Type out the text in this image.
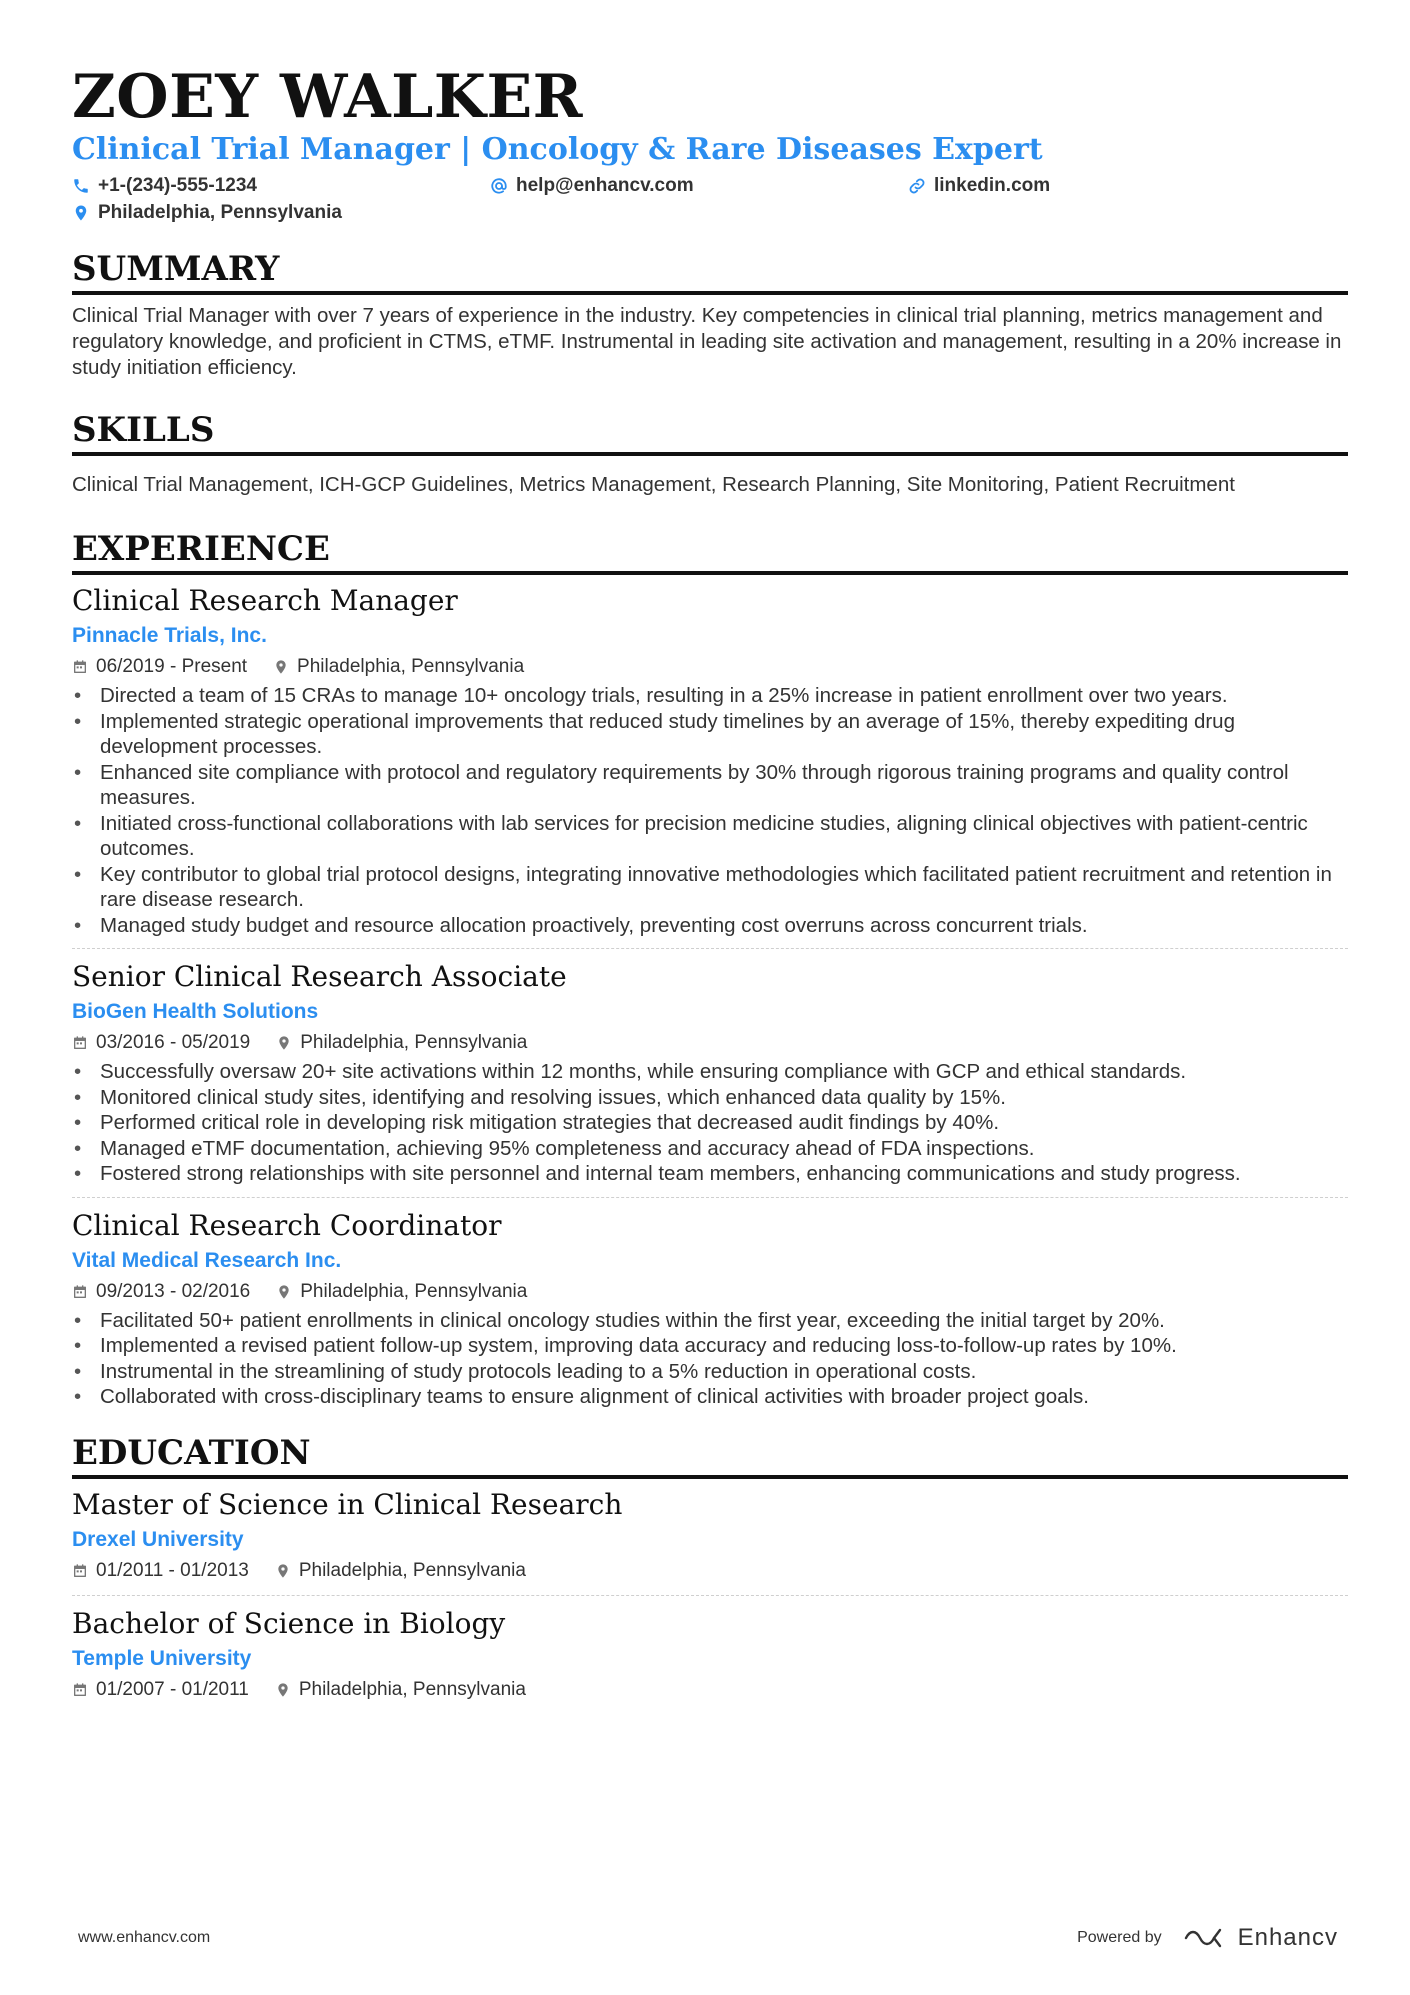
ZOEY WALKER
Clinical Trial Manager | Oncology & Rare Diseases Expert
+1-(234)-555-1234	help@enhancv.com	linkedin.com
Philadelphia, Pennsylvania
SUMMARY
Clinical Trial Manager with over 7 years of experience in the industry. Key competencies in clinical trial planning, metrics management and regulatory knowledge, and proficient in CTMS, eTMF. Instrumental in leading site activation and management, resulting in a 20% increase in study initiation efficiency.
SKILLS
Clinical Trial Management, ICH-GCP Guidelines, Metrics Management, Research Planning, Site Monitoring, Patient Recruitment
EXPERIENCE
Clinical Research Manager
Pinnacle Trials, Inc.
06/2019 - Present	Philadelphia, Pennsylvania
• Directed a team of 15 CRAs to manage 10+ oncology trials, resulting in a 25% increase in patient enrollment over two years.
• Implemented strategic operational improvements that reduced study timelines by an average of 15%, thereby expediting drug development processes.
• Enhanced site compliance with protocol and regulatory requirements by 30% through rigorous training programs and quality control measures.
• Initiated cross-functional collaborations with lab services for precision medicine studies, aligning clinical objectives with patient-centric outcomes.
• Key contributor to global trial protocol designs, integrating innovative methodologies which facilitated patient recruitment and retention in rare disease research.
• Managed study budget and resource allocation proactively, preventing cost overruns across concurrent trials.
Senior Clinical Research Associate
BioGen Health Solutions
03/2016 - 05/2019	Philadelphia, Pennsylvania
• Successfully oversaw 20+ site activations within 12 months, while ensuring compliance with GCP and ethical standards.
• Monitored clinical study sites, identifying and resolving issues, which enhanced data quality by 15%.
• Performed critical role in developing risk mitigation strategies that decreased audit findings by 40%.
• Managed eTMF documentation, achieving 95% completeness and accuracy ahead of FDA inspections.
• Fostered strong relationships with site personnel and internal team members, enhancing communications and study progress.
Clinical Research Coordinator
Vital Medical Research Inc.
09/2013 - 02/2016	Philadelphia, Pennsylvania
• Facilitated 50+ patient enrollments in clinical oncology studies within the first year, exceeding the initial target by 20%.
• Implemented a revised patient follow-up system, improving data accuracy and reducing loss-to-follow-up rates by 10%.
• Instrumental in the streamlining of study protocols leading to a 5% reduction in operational costs.
• Collaborated with cross-disciplinary teams to ensure alignment of clinical activities with broader project goals.
EDUCATION
Master of Science in Clinical Research
Drexel University
01/2011 - 01/2013	Philadelphia, Pennsylvania
Bachelor of Science in Biology
Temple University
01/2007 - 01/2011	Philadelphia, Pennsylvania
www.enhancv.com	Powered by	Enhancv
